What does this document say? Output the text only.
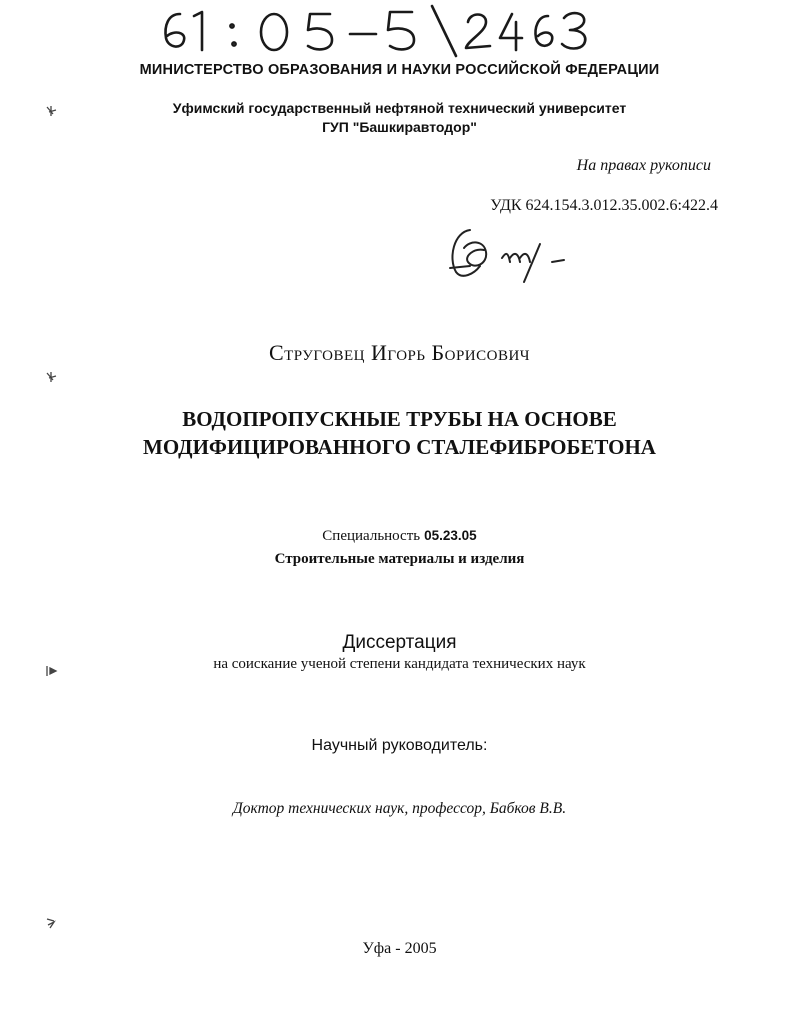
МИНИСТЕРСТВО ОБРАЗОВАНИЯ И НАУКИ РОССИЙСКОЙ ФЕДЕРАЦИИ
Уфимский государственный нефтяной технический университет
ГУП "Башкиравтодор"
На правах рукописи
УДК 624.154.3.012.35.002.6:422.4
Струговец Игорь Борисович
ВОДОПРОПУСКНЫЕ ТРУБЫ НА ОСНОВЕ
МОДИФИЦИРОВАННОГО СТАЛЕФИБРОБЕТОНА
Специальность 05.23.05
Строительные материалы и изделия
Диссертация
на соискание ученой степени кандидата технических наук
Научный руководитель:
Доктор технических наук, профессор, Бабков В.В.
Уфа - 2005
